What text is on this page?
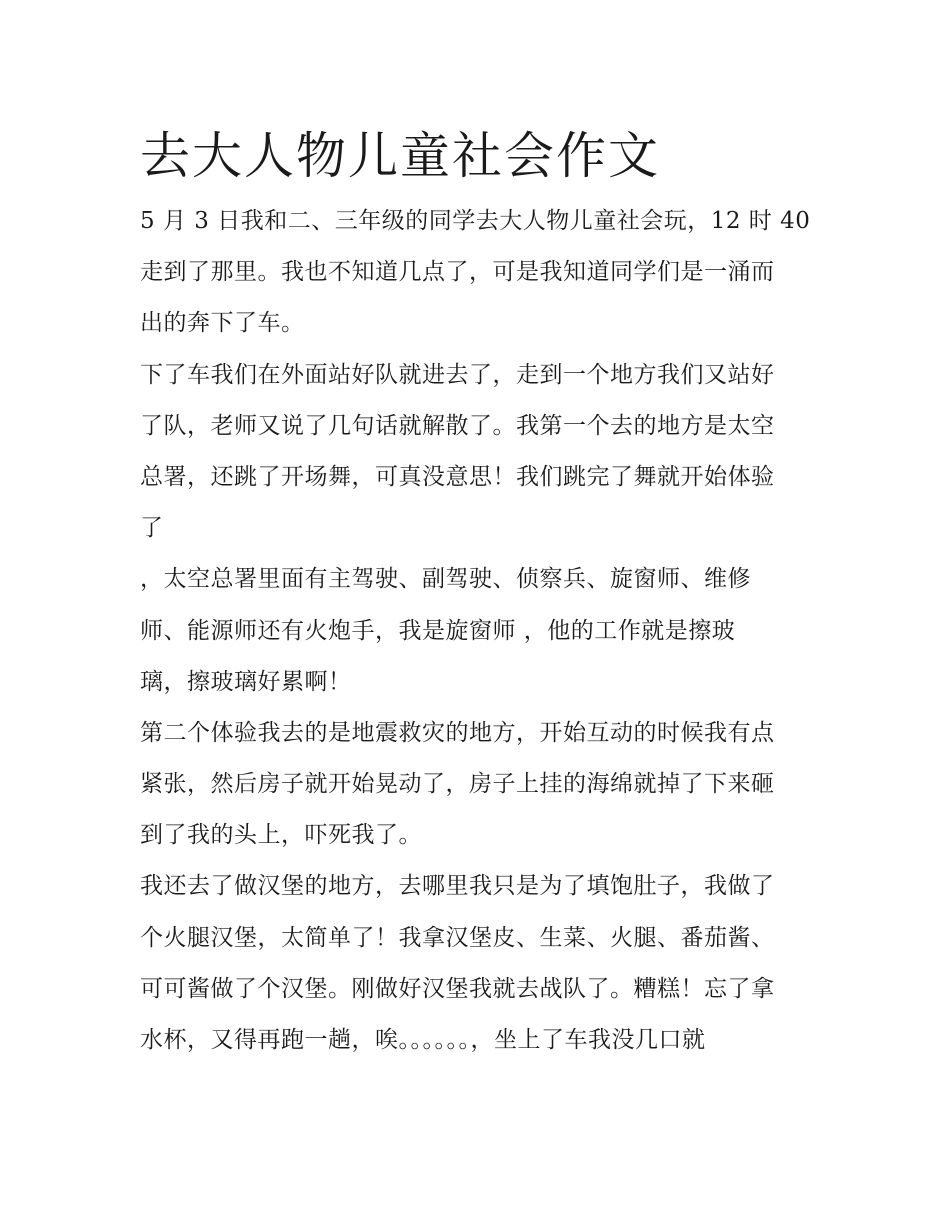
去大人物儿童社会作文
5 月 3 日我和二、三年级的同学去大人物儿童社会玩，12 时 40
走到了那里。我也不知道几点了，可是我知道同学们是一涌而
出的奔下了车。
下了车我们在外面站好队就进去了，走到一个地方我们又站好
了队，老师又说了几句话就解散了。我第一个去的地方是太空
总署，还跳了开场舞，可真没意思！我们跳完了舞就开始体验
了
，太空总署里面有主驾驶、副驾驶、侦察兵、旋窗师、维修
师、能源师还有火炮手，我是旋窗师 ，他的工作就是擦玻
璃，擦玻璃好累啊！
第二个体验我去的是地震救灾的地方，开始互动的时候我有点
紧张，然后房子就开始晃动了，房子上挂的海绵就掉了下来砸
到了我的头上，吓死我了。
我还去了做汉堡的地方，去哪里我只是为了填饱肚子，我做了
个火腿汉堡，太简单了！我拿汉堡皮、生菜、火腿、番茄酱、
可可酱做了个汉堡。刚做好汉堡我就去战队了。糟糕！忘了拿
水杯，又得再跑一趟，唉。。。。。。，坐上了车我没几口就
